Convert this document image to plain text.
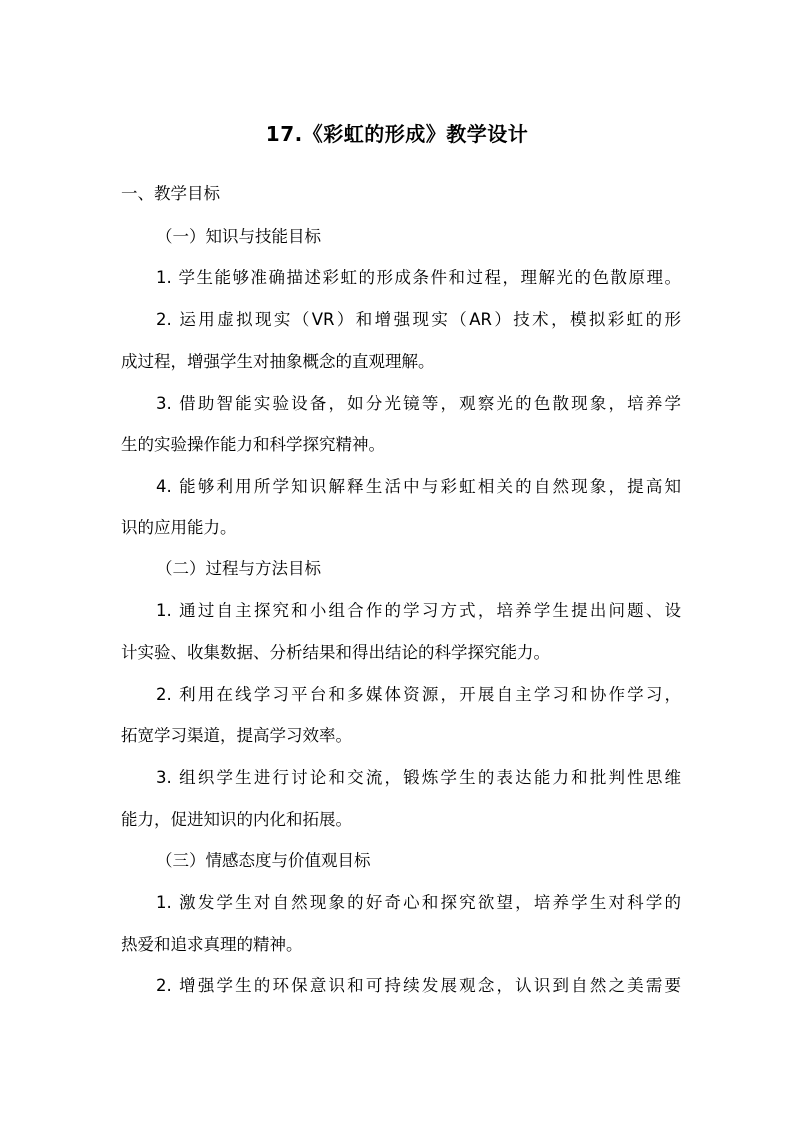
17.《彩虹的形成》教学设计
一、教学目标
（一）知识与技能目标
1. 学生能够准确描述彩虹的形成条件和过程，理解光的色散原理。
2. 运用虚拟现实（VR）和增强现实（AR）技术，模拟彩虹的形
成过程，增强学生对抽象概念的直观理解。
3. 借助智能实验设备，如分光镜等，观察光的色散现象，培养学
生的实验操作能力和科学探究精神。
4. 能够利用所学知识解释生活中与彩虹相关的自然现象，提高知
识的应用能力。
（二）过程与方法目标
1. 通过自主探究和小组合作的学习方式，培养学生提出问题、设
计实验、收集数据、分析结果和得出结论的科学探究能力。
2. 利用在线学习平台和多媒体资源，开展自主学习和协作学习，
拓宽学习渠道，提高学习效率。
3. 组织学生进行讨论和交流，锻炼学生的表达能力和批判性思维
能力，促进知识的内化和拓展。
（三）情感态度与价值观目标
1. 激发学生对自然现象的好奇心和探究欲望，培养学生对科学的
热爱和追求真理的精神。
2. 增强学生的环保意识和可持续发展观念，认识到自然之美需要
